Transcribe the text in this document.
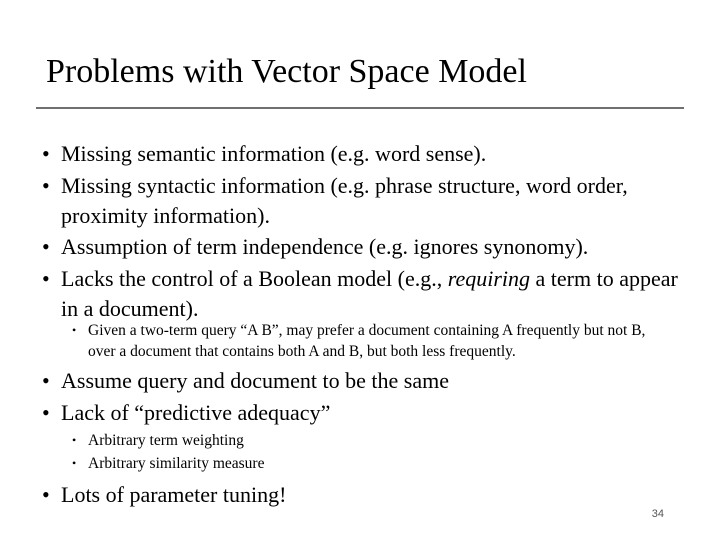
Problems with Vector Space Model
• Missing semantic information (e.g. word sense).
• Missing syntactic information (e.g. phrase structure, word order, proximity information).
• Assumption of term independence (e.g. ignores synonomy).
• Lacks the control of a Boolean model (e.g., requiring a term to appear in a document).
• Given a two-term query “A B”, may prefer a document containing A frequently but not B, over a document that contains both A and B, but both less frequently.
• Assume query and document to be the same
• Lack of “predictive adequacy”
• Arbitrary term weighting
• Arbitrary similarity measure
• Lots of parameter tuning!
34
